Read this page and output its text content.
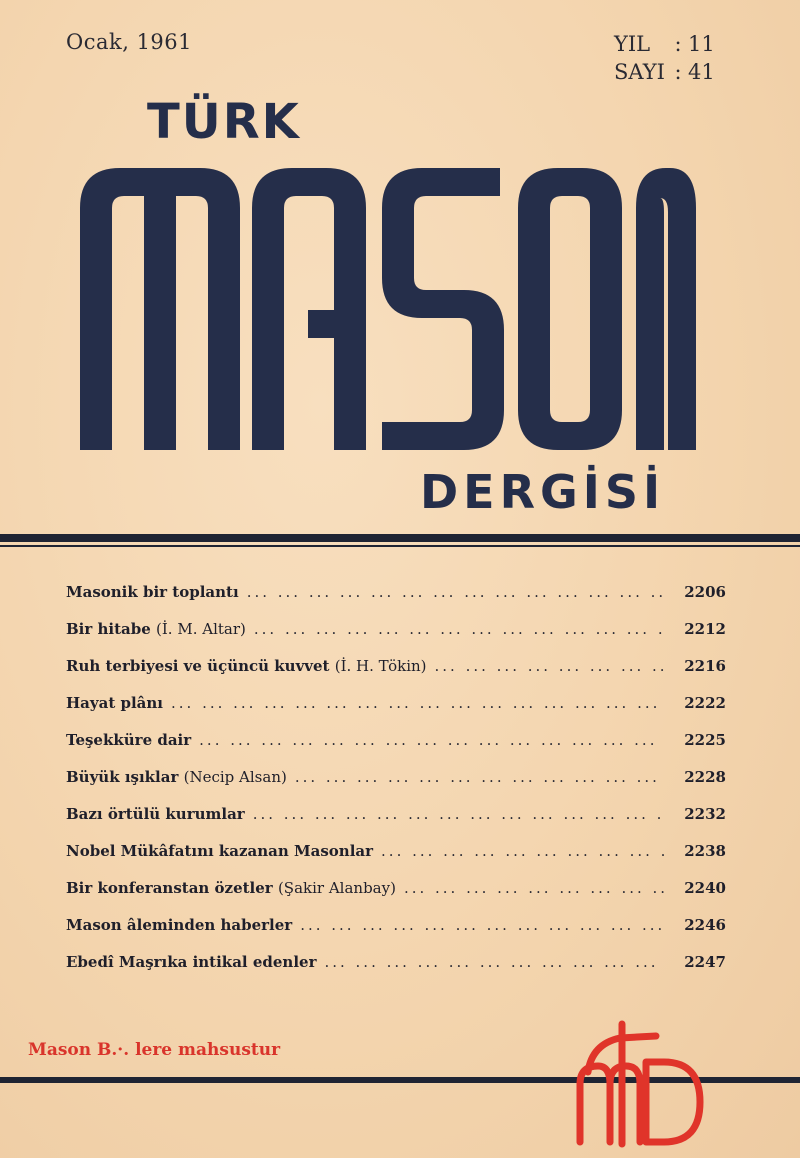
Ocak, 1961	YIL	: 11
SAYI : 41
TÜRK
DERGİSİ
Masonik bir toplantı ... .	2206
Bir hitabe (İ. M. Altar) ... .	2212
Ruh terbiyesi ve üçüncü kuvvet (İ. H. Tökin) ... .	2216
Hayat plânı ... .	2222
Teşekküre dair ... .	2225
Büyük ışıklar (Necip Alsan) ... .	2228
Bazı örtülü kurumlar ... .	2232
Nobel Mükâfatını kazanan Masonlar ... .	2238
Bir konferanstan özetler (Şakir Alanbay) ... .	2240
Mason âleminden haberler ... .	2246
Ebedî Maşrıka intikal edenler ... .	2247
Mason B.·. lere mahsustur
